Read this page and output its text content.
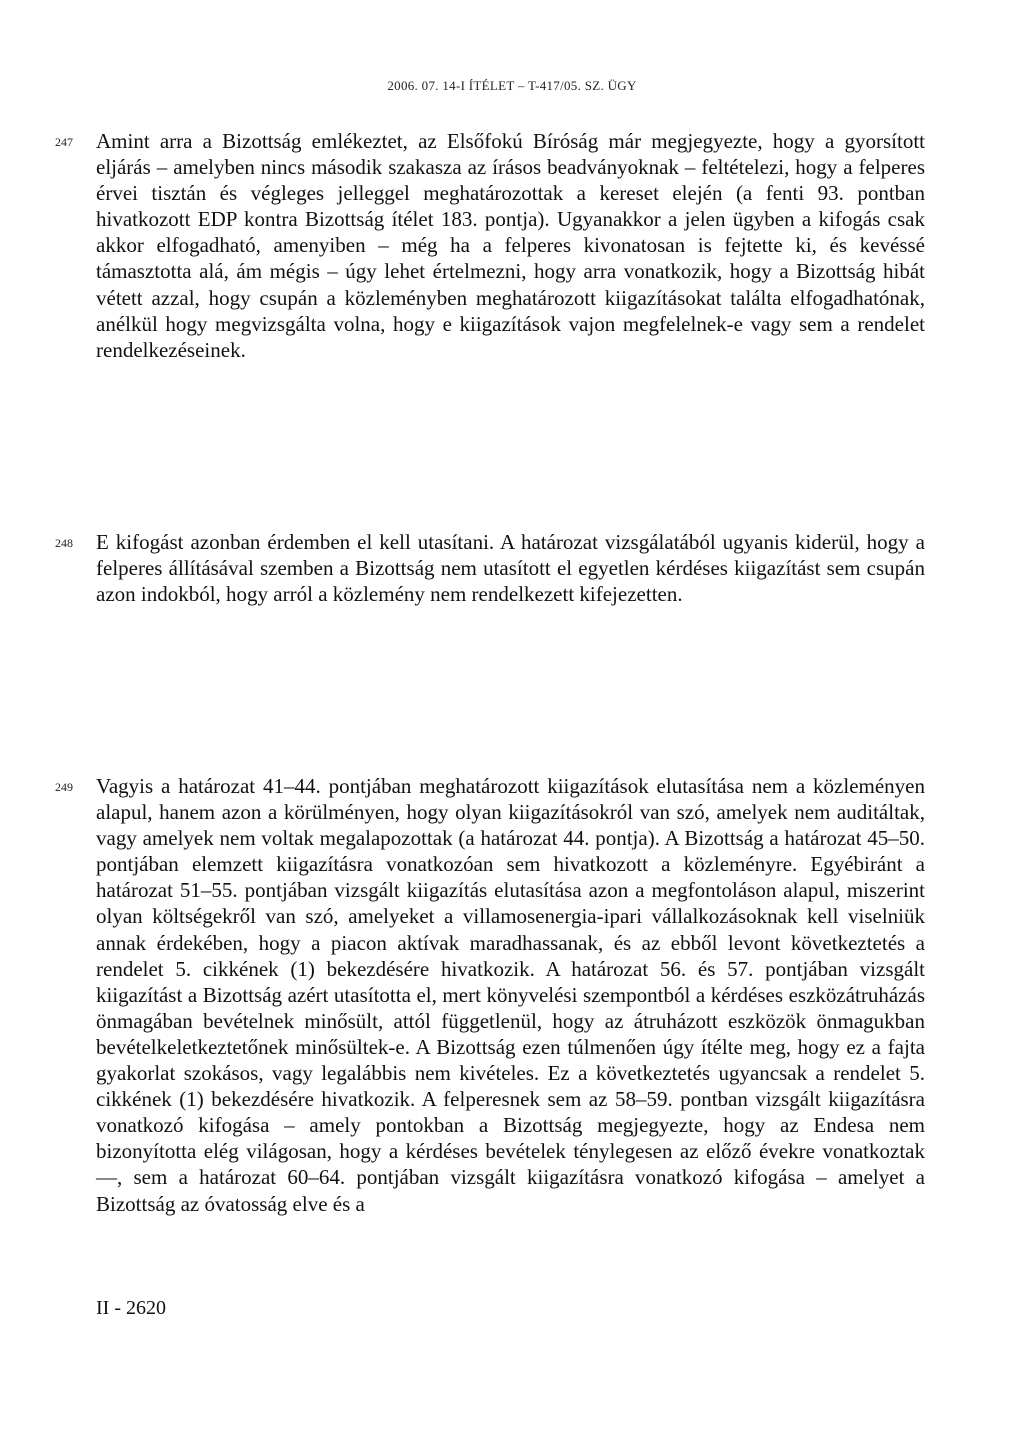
2006. 07. 14-I ÍTÉLET – T-417/05. SZ. ÜGY
247 Amint arra a Bizottság emlékeztet, az Elsőfokú Bíróság már megjegyezte, hogy a gyorsított eljárás – amelyben nincs második szakasza az írásos beadványoknak – feltételezi, hogy a felperes érvei tisztán és végleges jelleggel meghatározottak a kereset elején (a fenti 93. pontban hivatkozott EDP kontra Bizottság ítélet 183. pontja). Ugyanakkor a jelen ügyben a kifogás csak akkor elfogadható, amenyiben – még ha a felperes kivonatosan is fejtette ki, és kevéssé támasztotta alá, ám mégis – úgy lehet értelmezni, hogy arra vonatkozik, hogy a Bizottság hibát vétett azzal, hogy csupán a közleményben meghatározott kiigazításokat találta elfogadhatónak, anélkül hogy megvizsgálta volna, hogy e kiigazítások vajon megfelelnek-e vagy sem a rendelet rendelkezéseinek.

248 E kifogást azonban érdemben el kell utasítani. A határozat vizsgálatából ugyanis kiderül, hogy a felperes állításával szemben a Bizottság nem utasított el egyetlen kérdéses kiigazítást sem csupán azon indokból, hogy arról a közlemény nem rendelkezett kifejezetten.

249 Vagyis a határozat 41–44. pontjában meghatározott kiigazítások elutasítása nem a közleményen alapul, hanem azon a körülményen, hogy olyan kiigazításokról van szó, amelyek nem auditáltak, vagy amelyek nem voltak megalapozottak (a határozat 44. pontja). A Bizottság a határozat 45–50. pontjában elemzett kiigazításra vonatkozóan sem hivatkozott a közleményre. Egyébiránt a határozat 51–55. pontjában vizsgált kiigazítás elutasítása azon a megfontoláson alapul, miszerint olyan költségekről van szó, amelyeket a villamosenergia-ipari vállalkozásoknak kell viselniük annak érdekében, hogy a piacon aktívak maradhassanak, és az ebből levont következtetés a rendelet 5. cikkének (1) bekezdésére hivatkozik. A határozat 56. és 57. pontjában vizsgált kiigazítást a Bizottság azért utasította el, mert könyvelési szempontból a kérdéses eszközátruházás önmagában bevételnek minősült, attól függetlenül, hogy az átruházott eszközök önmagukban bevételkeletkeztetőnek minősültek-e. A Bizottság ezen túlmenően úgy ítélte meg, hogy ez a fajta gyakorlat szokásos, vagy legalábbis nem kivételes. Ez a következtetés ugyancsak a rendelet 5. cikkének (1) bekezdésére hivatkozik. A felperesnek sem az 58–59. pontban vizsgált kiigazításra vonatkozó kifogása – amely pontokban a Bizottság megjegyezte, hogy az Endesa nem bizonyította elég világosan, hogy a kérdéses bevételek ténylegesen az előző évekre vonatkoztak —, sem a határozat 60–64. pontjában vizsgált kiigazításra vonatkozó kifogása – amelyet a Bizottság az óvatosság elve és a

II - 2620
